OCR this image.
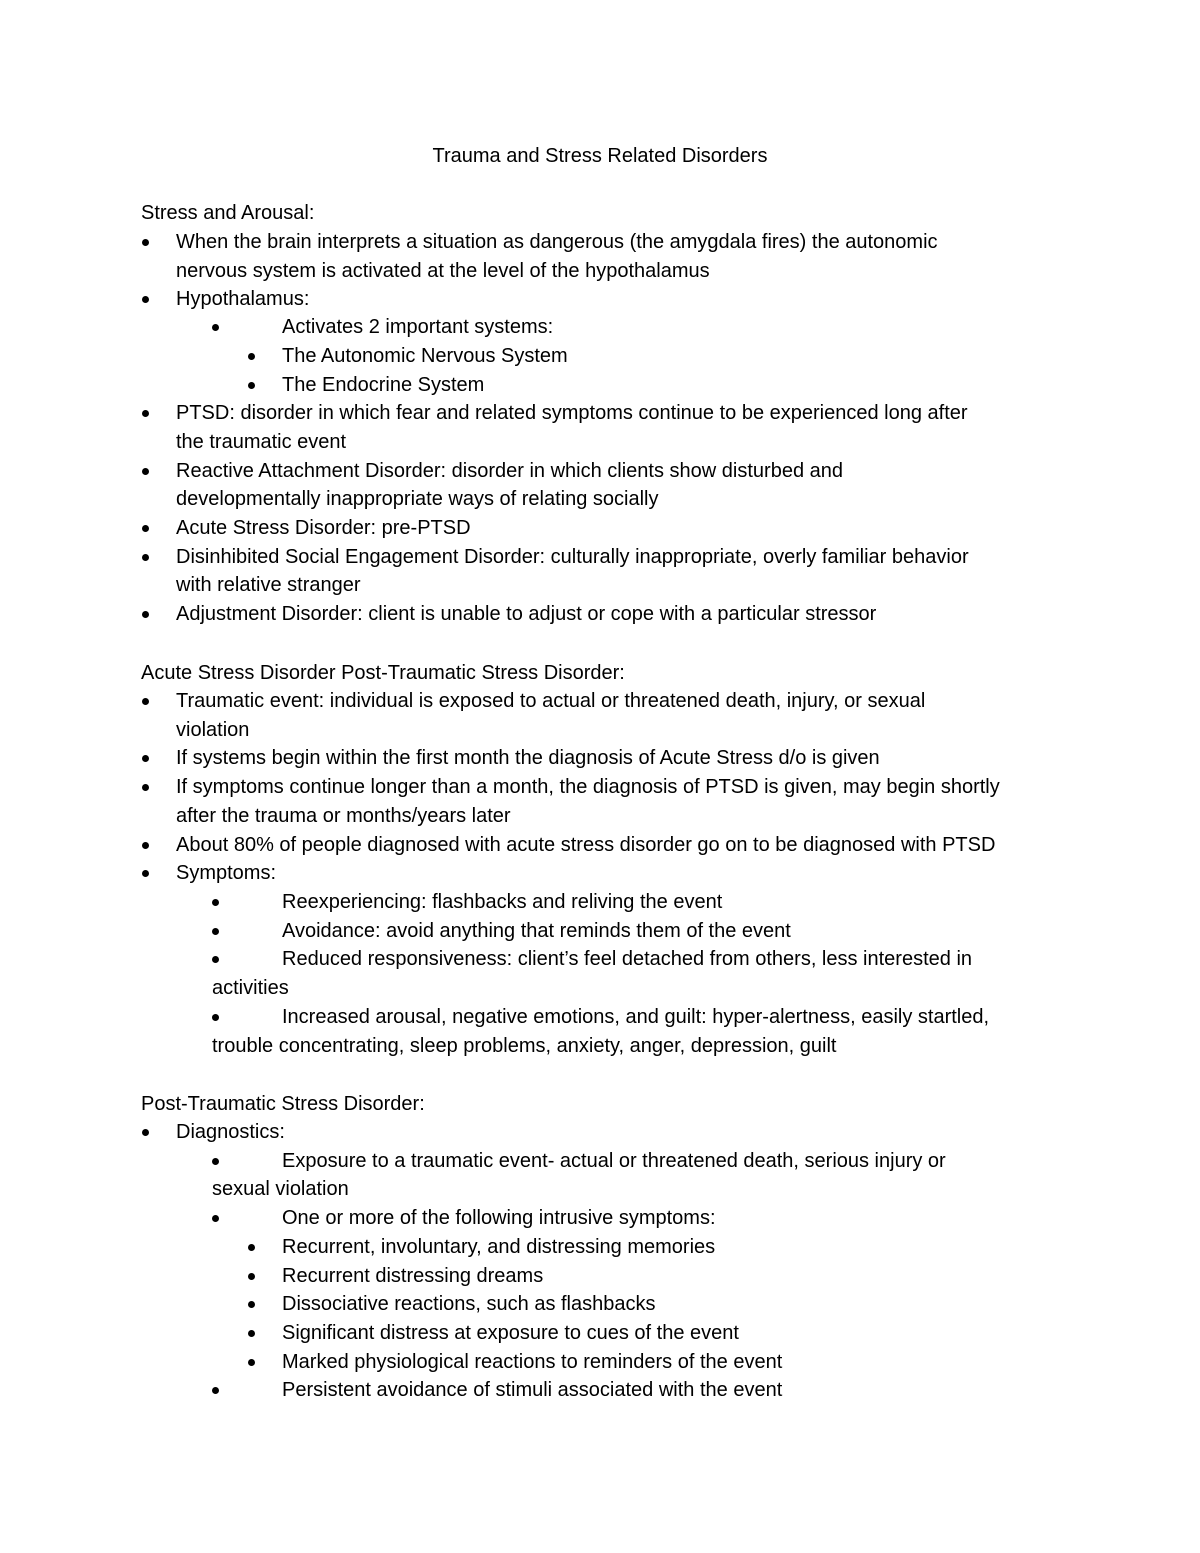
Trauma and Stress Related Disorders
Stress and Arousal:
When the brain interprets a situation as dangerous (the amygdala fires) the autonomic
nervous system is activated at the level of the hypothalamus
Hypothalamus:
Activates 2 important systems:
The Autonomic Nervous System
The Endocrine System
PTSD: disorder in which fear and related symptoms continue to be experienced long after
the traumatic event
Reactive Attachment Disorder: disorder in which clients show disturbed and
developmentally inappropriate ways of relating socially
Acute Stress Disorder: pre-PTSD
Disinhibited Social Engagement Disorder: culturally inappropriate, overly familiar behavior
with relative stranger
Adjustment Disorder: client is unable to adjust or cope with a particular stressor
Acute Stress Disorder Post-Traumatic Stress Disorder:
Traumatic event: individual is exposed to actual or threatened death, injury, or sexual
violation
If systems begin within the first month the diagnosis of Acute Stress d/o is given
If symptoms continue longer than a month, the diagnosis of PTSD is given, may begin shortly
after the trauma or months/years later
About 80% of people diagnosed with acute stress disorder go on to be diagnosed with PTSD
Symptoms:
Reexperiencing: flashbacks and reliving the event
Avoidance: avoid anything that reminds them of the event
Reduced responsiveness: client’s feel detached from others, less interested in
activities
Increased arousal, negative emotions, and guilt: hyper-alertness, easily startled,
trouble concentrating, sleep problems, anxiety, anger, depression, guilt
Post-Traumatic Stress Disorder:
Diagnostics:
Exposure to a traumatic event- actual or threatened death, serious injury or
sexual violation
One or more of the following intrusive symptoms:
Recurrent, involuntary, and distressing memories
Recurrent distressing dreams
Dissociative reactions, such as flashbacks
Significant distress at exposure to cues of the event
Marked physiological reactions to reminders of the event
Persistent avoidance of stimuli associated with the event
